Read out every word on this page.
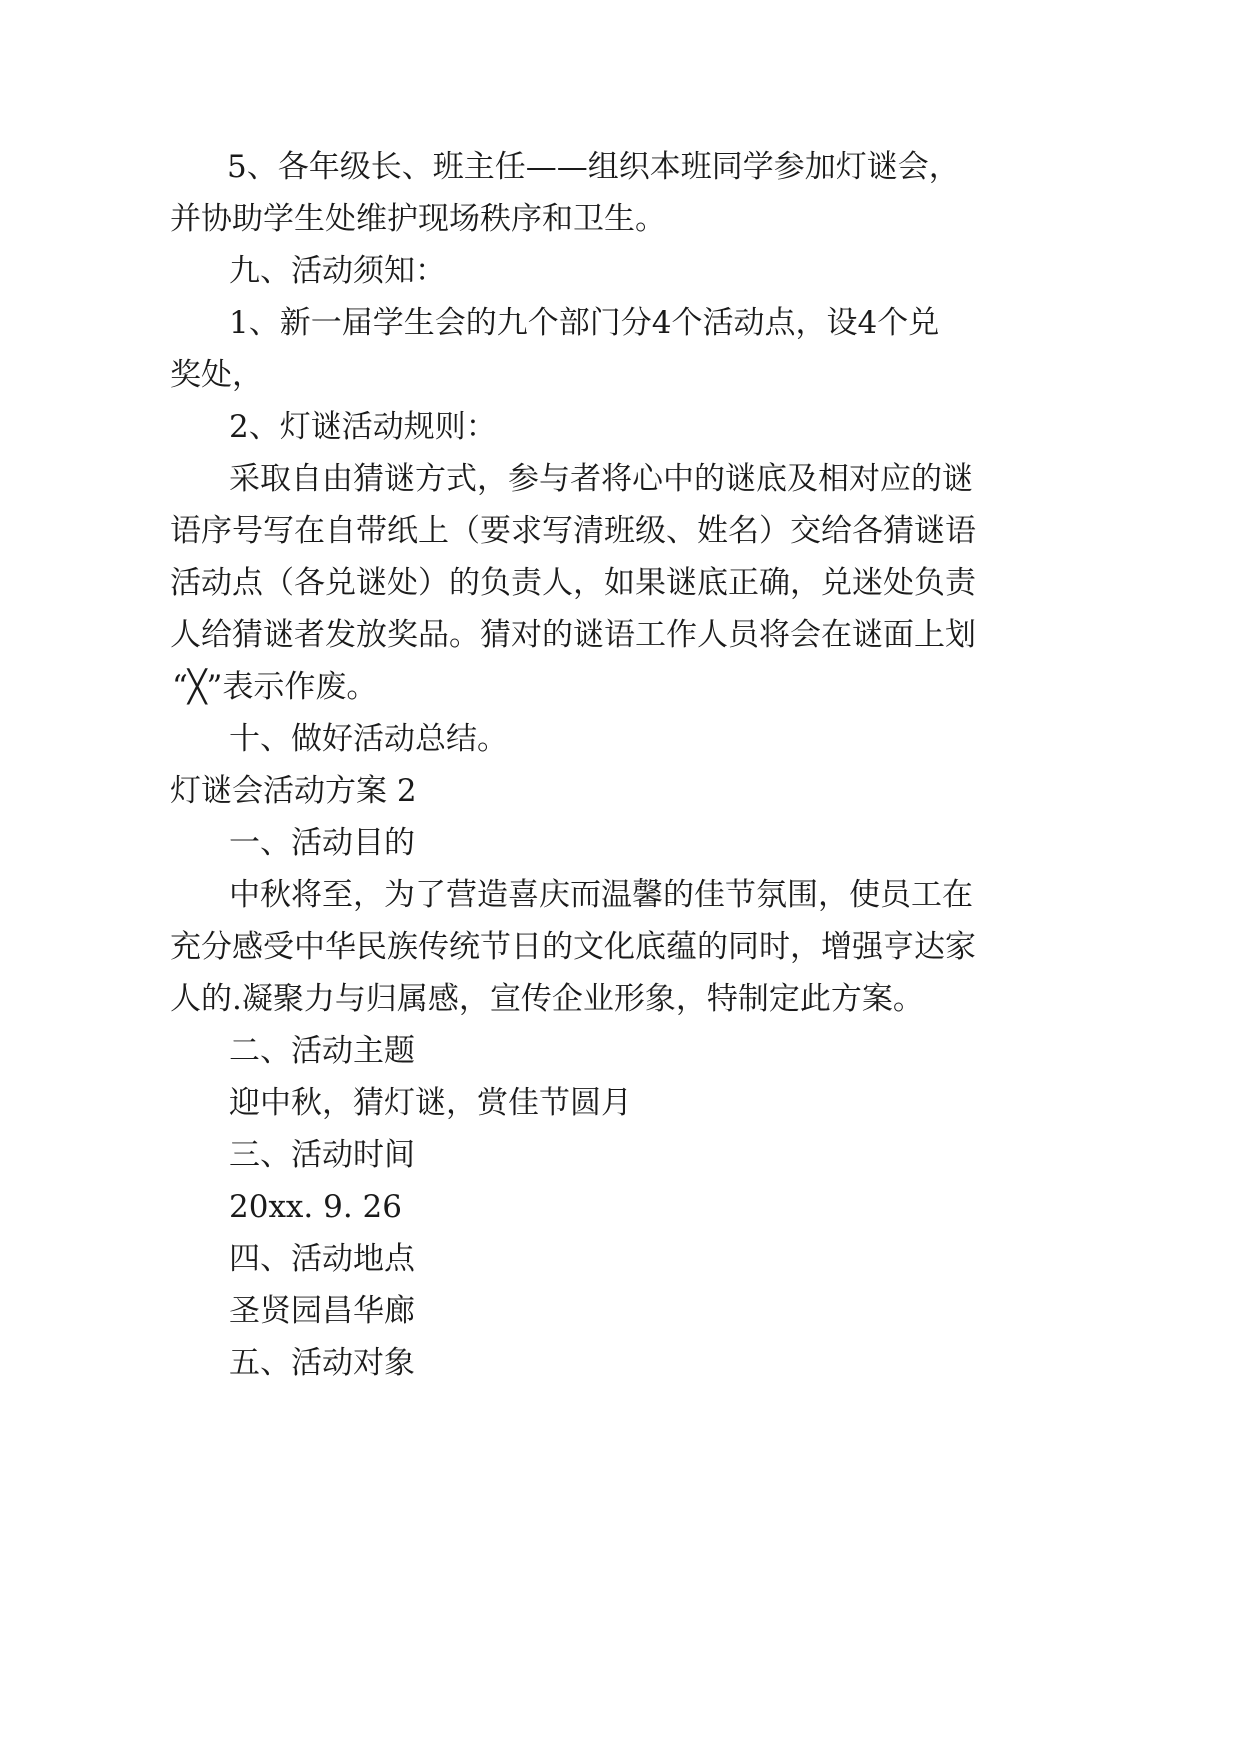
5 、 各 年 级 长 、 班 主 任 — — 组 织 本 班 同 学 参 加 灯 谜 会 ，
并协助学生处维护现场秩序和卫生。
九、活动须知：
1 、 新 一 届 学 生 会 的 九 个 部 门 分 4 个 活 动 点 ， 设 4 个 兑
奖处，
2、灯谜活动规则：
采 取 自 由 猜 谜 方 式 ， 参 与 者 将 心 中 的 谜 底 及 相 对 应 的 谜
语 序 号 写 在 自 带 纸 上 （ 要 求 写 清 班 级 、 姓 名 ） 交 给 各 猜 谜 语
活 动 点 （ 各 兑 谜 处 ） 的 负 责 人 ， 如 果 谜 底 正 确 ， 兑 迷 处 负 责
人 给 猜 谜 者 发 放 奖 品 。 猜 对 的 谜 语 工 作 人 员 将 会 在 谜 面 上 划
“╳”表示作废。
十、做好活动总结。
灯谜会活动方案 2
一、活动目的
中 秋 将 至 ， 为 了 营 造 喜 庆 而 温 馨 的 佳 节 氛 围 ， 使 员 工 在
充 分 感 受 中 华 民 族 传 统 节 日 的 文 化 底 蕴 的 同 时 ， 增 强 亨 达 家
人的.凝聚力与归属感，宣传企业形象，特制定此方案。
二、活动主题
迎中秋，猜灯谜，赏佳节圆月
三、活动时间
20xx. 9. 26
四、活动地点
圣贤园昌华廊
五、活动对象
